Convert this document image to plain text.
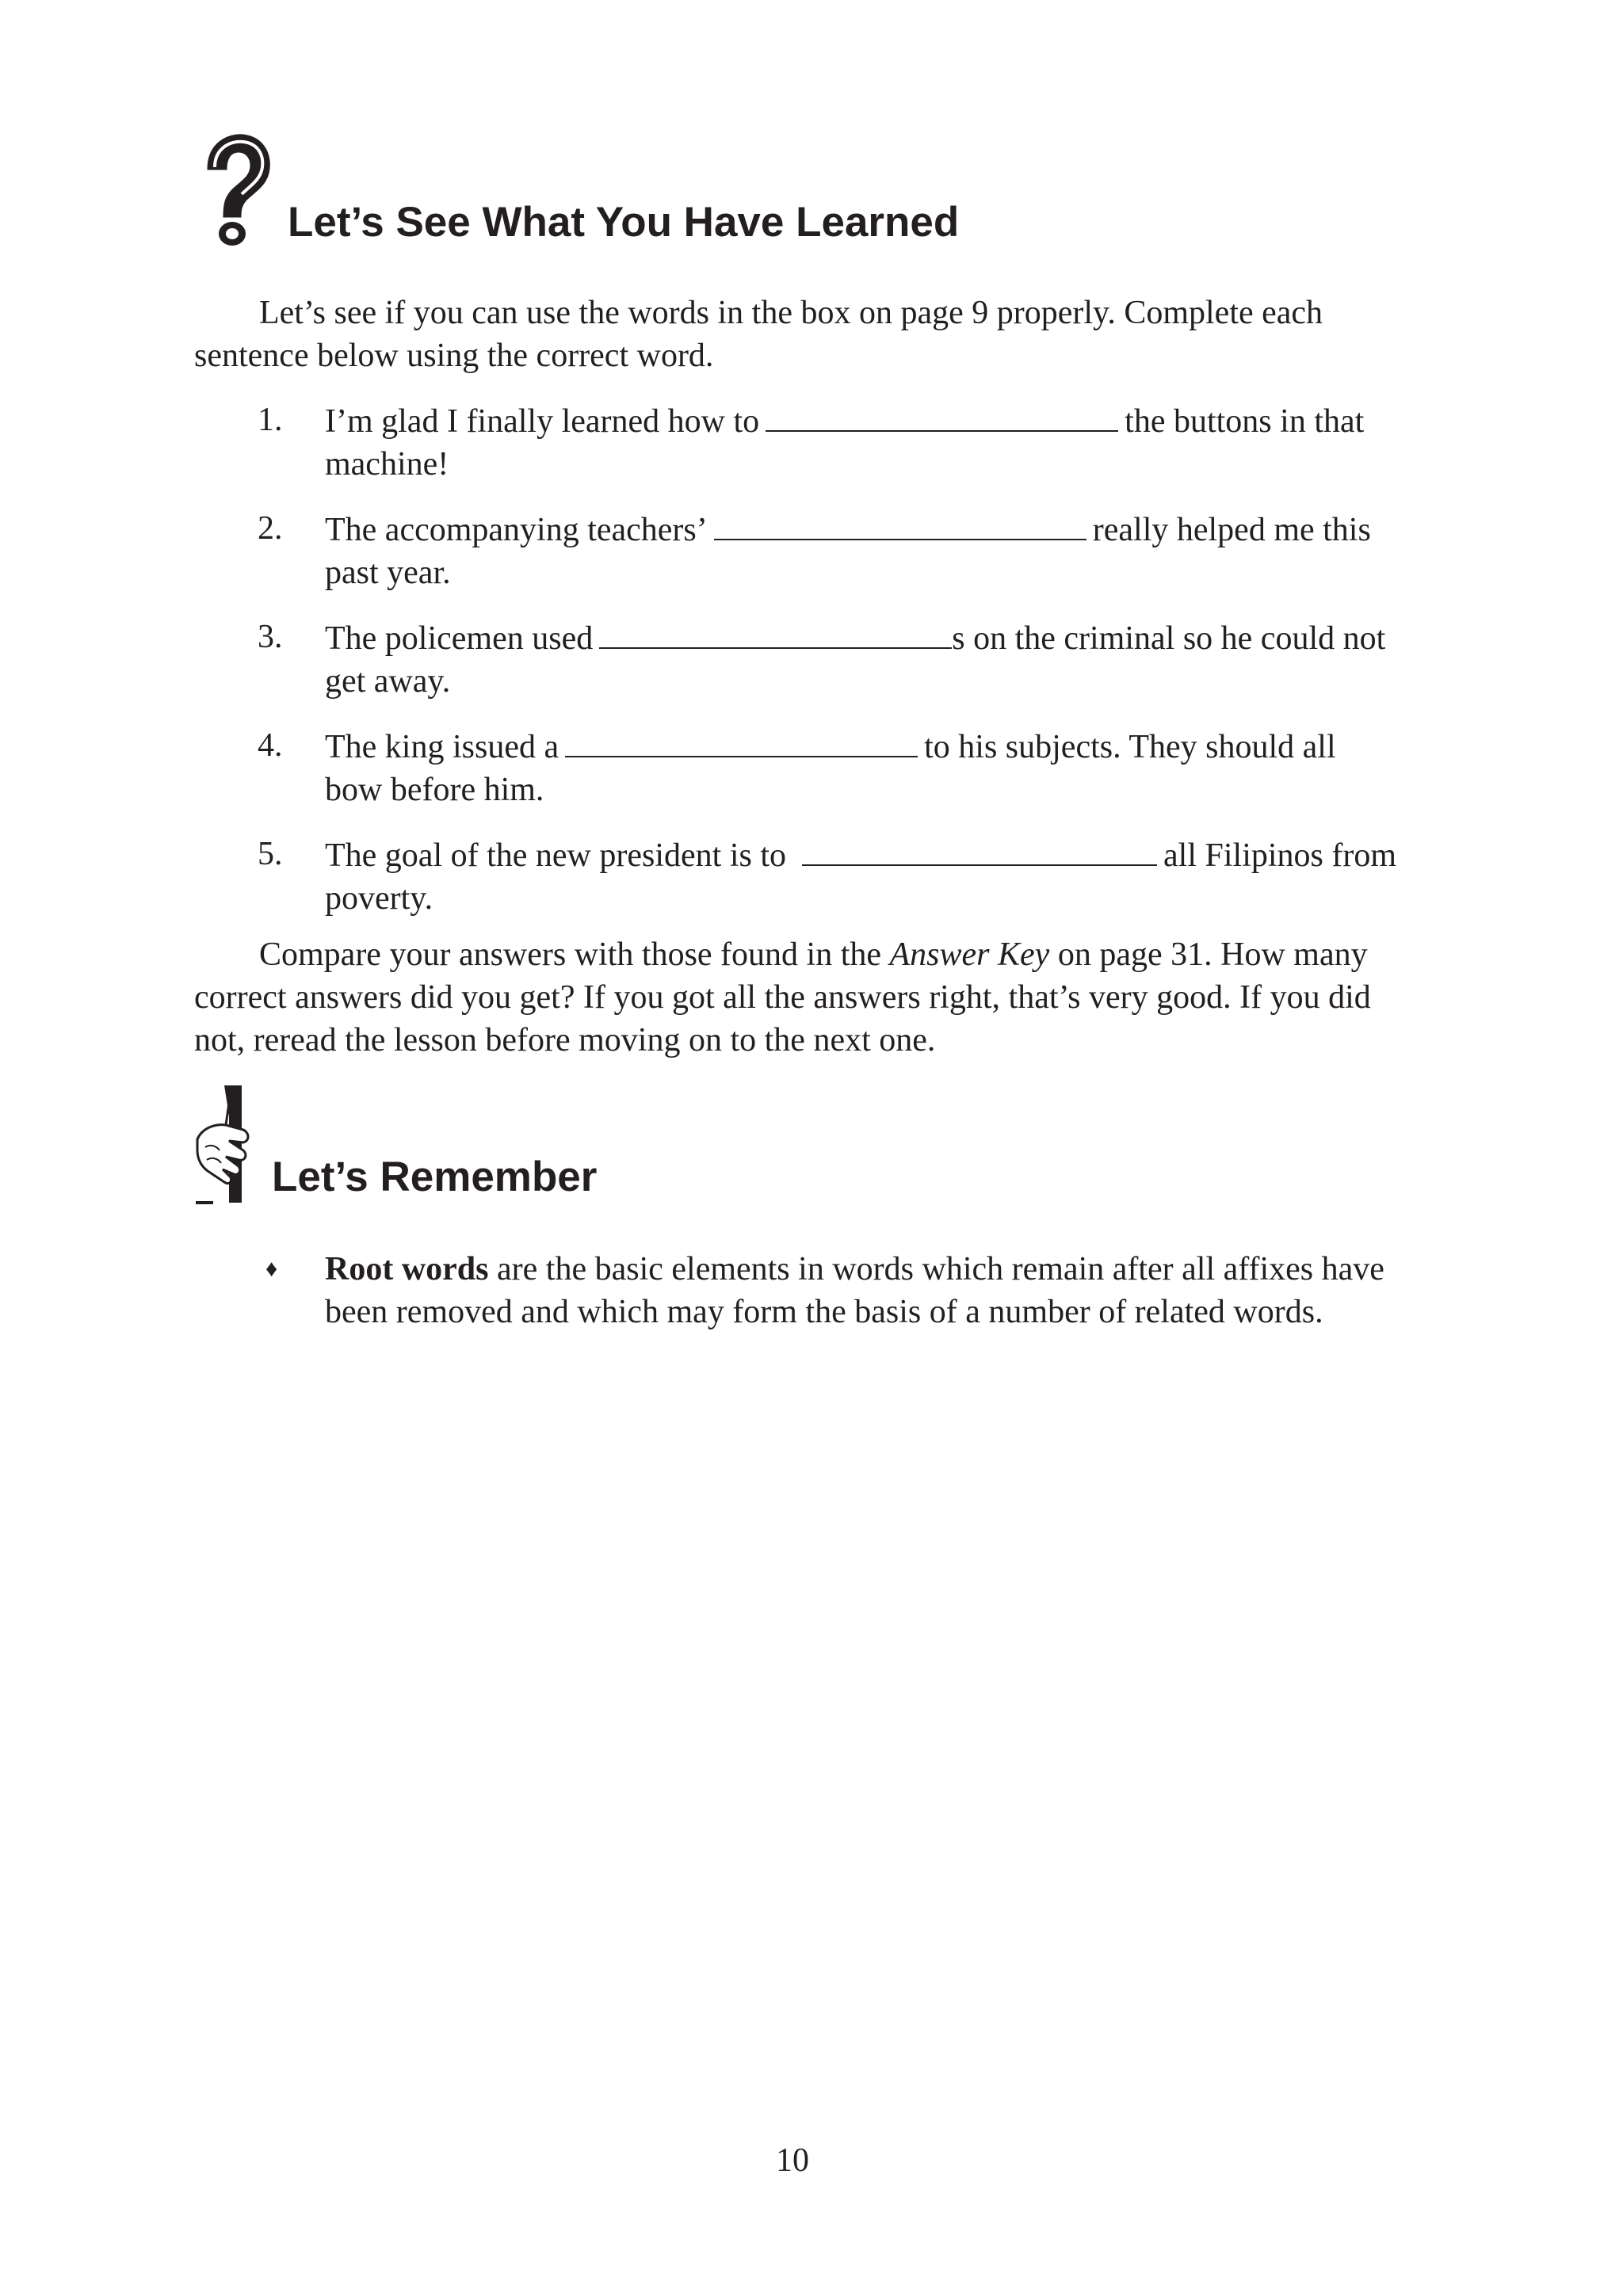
Let’s See What You Have Learned

Let’s see if you can use the words in the box on page 9 properly. Complete each sentence below using the correct word.

1.	I’m glad I finally learned how to	the buttons in that machine!
2.	The accompanying teachers’	really helped me this past year.
3.	The policemen used	s on the criminal so he could not get away.
4.	The king issued a	to his subjects. They should all bow before him.
5.	The goal of the new president is to	all Filipinos from poverty.

Compare your answers with those found in the Answer Key on page 31. How many correct answers did you get? If you got all the answers right, that’s very good. If you did not, reread the lesson before moving on to the next one.

Let’s Remember
♦	Root words are the basic elements in words which remain after all affixes have been removed and which may form the basis of a number of related words.
10
